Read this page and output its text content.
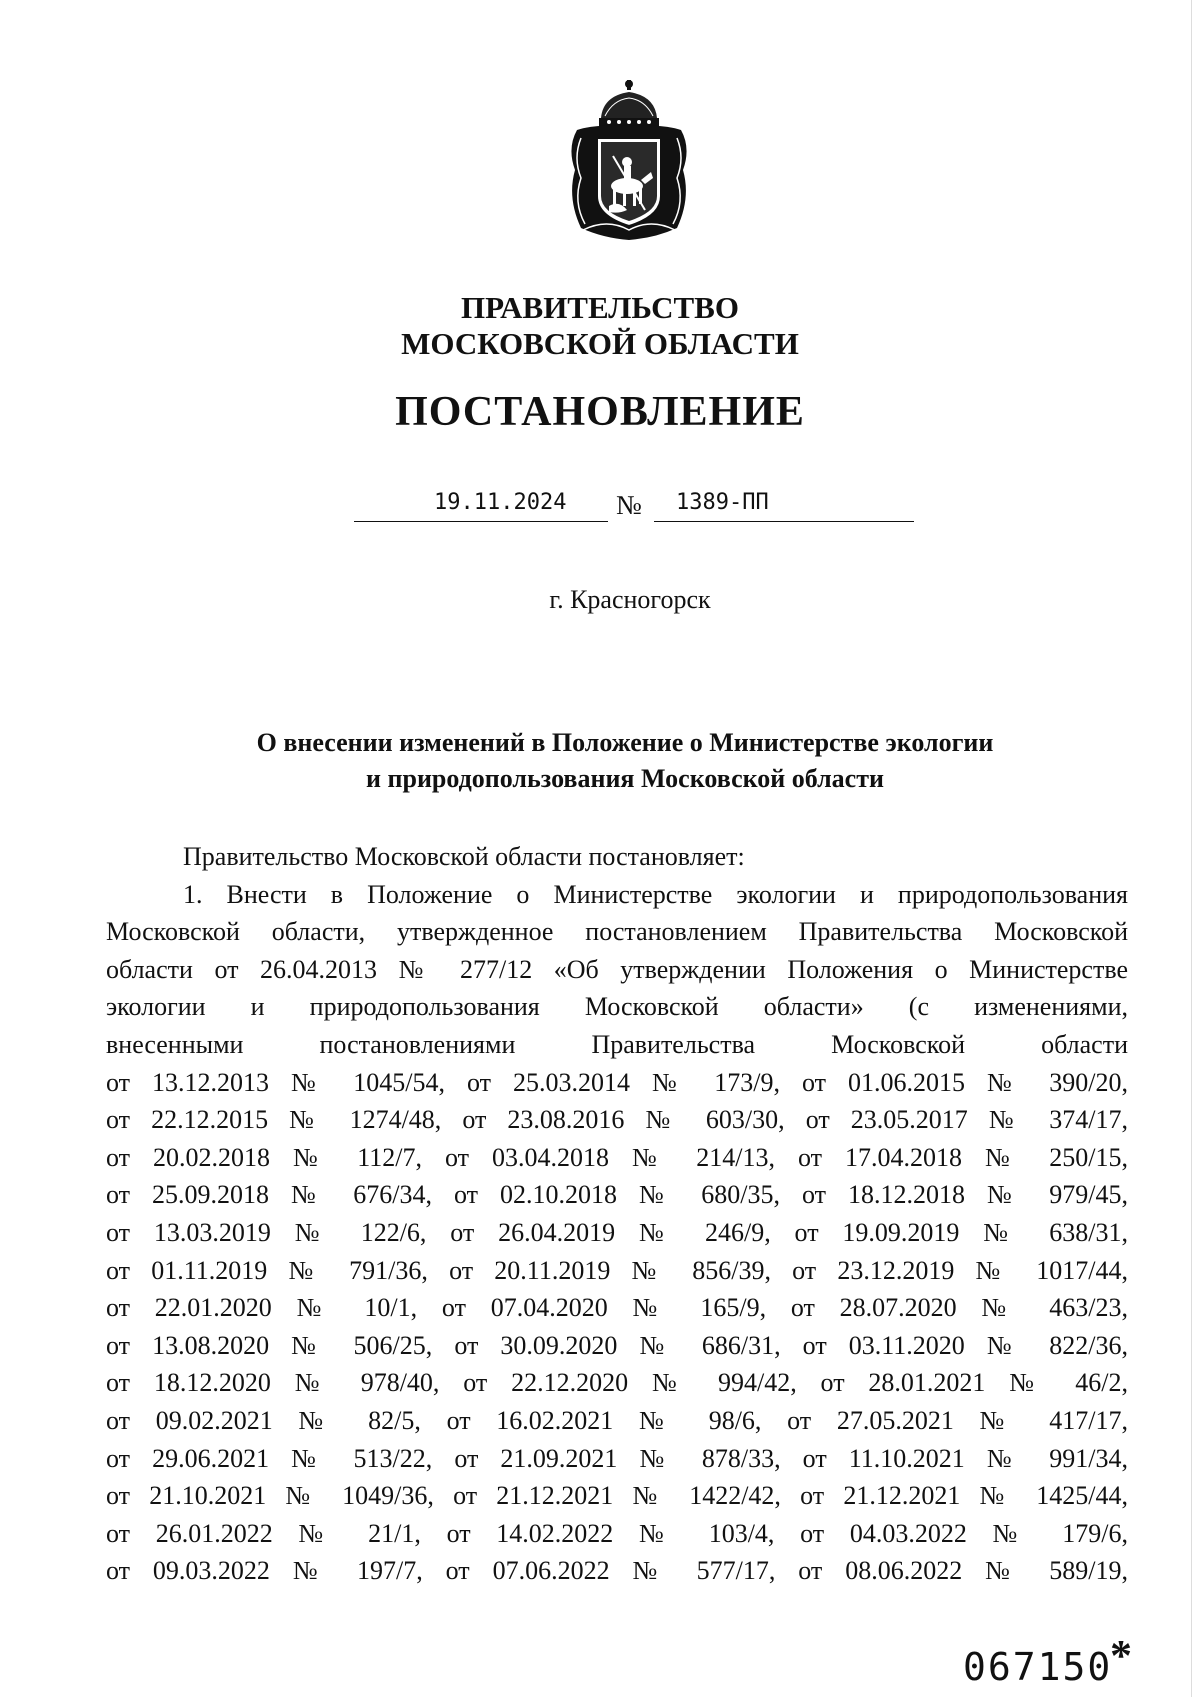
ПРАВИТЕЛЬСТВО
МОСКОВСКОЙ ОБЛАСТИ
ПОСТАНОВЛЕНИЕ
19.11.2024 № 1389-ПП
г. Красногорск
О внесении изменений в Положение о Министерстве экологии
и природопользования Московской области

Правительство Московской области постановляет:

1. Внести в Положение о Министерстве экологии и природопользования

Московской области, утвержденное постановлением Правительства Московской

области от 26.04.2013 № 277/12 «Об утверждении Положения о Министерстве

экологии и природопользования Московской области» (с изменениями,

внесенными постановлениями Правительства Московской области

от 13.12.2013 № 1045/54, от 25.03.2014 № 173/9, от 01.06.2015 № 390/20,

от 22.12.2015 № 1274/48, от 23.08.2016 № 603/30, от 23.05.2017 № 374/17,

от 20.02.2018 № 112/7, от 03.04.2018 № 214/13, от 17.04.2018 № 250/15,

от 25.09.2018 № 676/34, от 02.10.2018 № 680/35, от 18.12.2018 № 979/45,

от 13.03.2019 № 122/6, от 26.04.2019 № 246/9, от 19.09.2019 № 638/31,

от 01.11.2019 № 791/36, от 20.11.2019 № 856/39, от 23.12.2019 № 1017/44,

от 22.01.2020 № 10/1, от 07.04.2020 № 165/9, от 28.07.2020 № 463/23,

от 13.08.2020 № 506/25, от 30.09.2020 № 686/31, от 03.11.2020 № 822/36,

от 18.12.2020 № 978/40, от 22.12.2020 № 994/42, от 28.01.2021 № 46/2,

от 09.02.2021 № 82/5, от 16.02.2021 № 98/6, от 27.05.2021 № 417/17,

от 29.06.2021 № 513/22, от 21.09.2021 № 878/33, от 11.10.2021 № 991/34,

от 21.10.2021 № 1049/36, от 21.12.2021 № 1422/42, от 21.12.2021 № 1425/44,

от 26.01.2022 № 21/1, от 14.02.2022 № 103/4, от 04.03.2022 № 179/6,

от 09.03.2022 № 197/7, от 07.06.2022 № 577/17, от 08.06.2022 № 589/19,

067150
*
